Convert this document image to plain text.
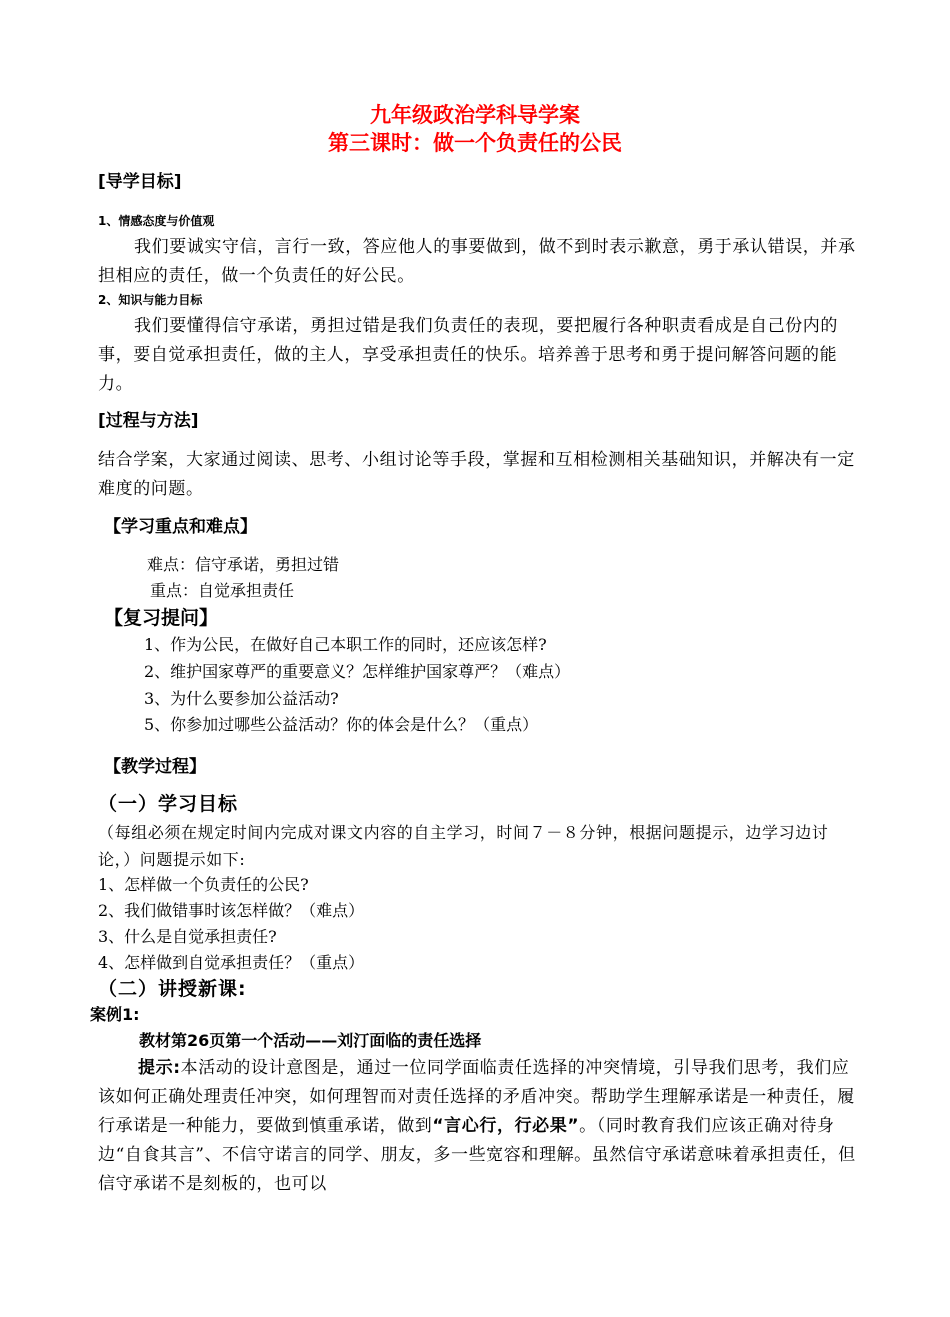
九年级政治学科导学案
第三课时：做一个负责任的公民
[导学目标]
1、情感态度与价值观
我们要诚实守信，言行一致，答应他人的事要做到，做不到时表示歉意，勇于承认错误，并承担相应的责任，做一个负责任的好公民。
2、知识与能力目标
我们要懂得信守承诺，勇担过错是我们负责任的表现，要把履行各种职责看成是自己份内的事，要自觉承担责任，做的主人，享受承担责任的快乐。培养善于思考和勇于提问解答问题的能力。
[过程与方法]
结合学案，大家通过阅读、思考、小组讨论等手段，掌握和互相检测相关基础知识，并解决有一定难度的问题。
【学习重点和难点】
难点：信守承诺，勇担过错
重点：自觉承担责任
【复习提问】
1、作为公民，在做好自己本职工作的同时，还应该怎样?
2、维护国家尊严的重要意义？怎样维护国家尊严？（难点）
3、为什么要参加公益活动?
5、你参加过哪些公益活动？你的体会是什么？（重点）
【教学过程】
（一）学习目标
（每组必须在规定时间内完成对课文内容的自主学习，时间７－８分钟，根据问题提示，边学习边讨论，）问题提示如下:
1、怎样做一个负责任的公民?
2、我们做错事时该怎样做？（难点）
3、什么是自觉承担责任?
4、怎样做到自觉承担责任？（重点）
（二）讲授新课:
案例1:
教材第26页第一个活动——刘汀面临的责任选择
提示:本活动的设计意图是，通过一位同学面临责任选择的冲突情境，引导我们思考，我们应该如何正确处理责任冲突，如何理智而对责任选择的矛盾冲突。帮助学生理解承诺是一种责任，履行承诺是一种能力，要做到慎重承诺，做到“言心行，行必果”。（同时教育我们应该正确对待身边“自食其言”、不信守诺言的同学、朋友，多一些宽容和理解。虽然信守承诺意味着承担责任，但信守承诺不是刻板的，也可以
